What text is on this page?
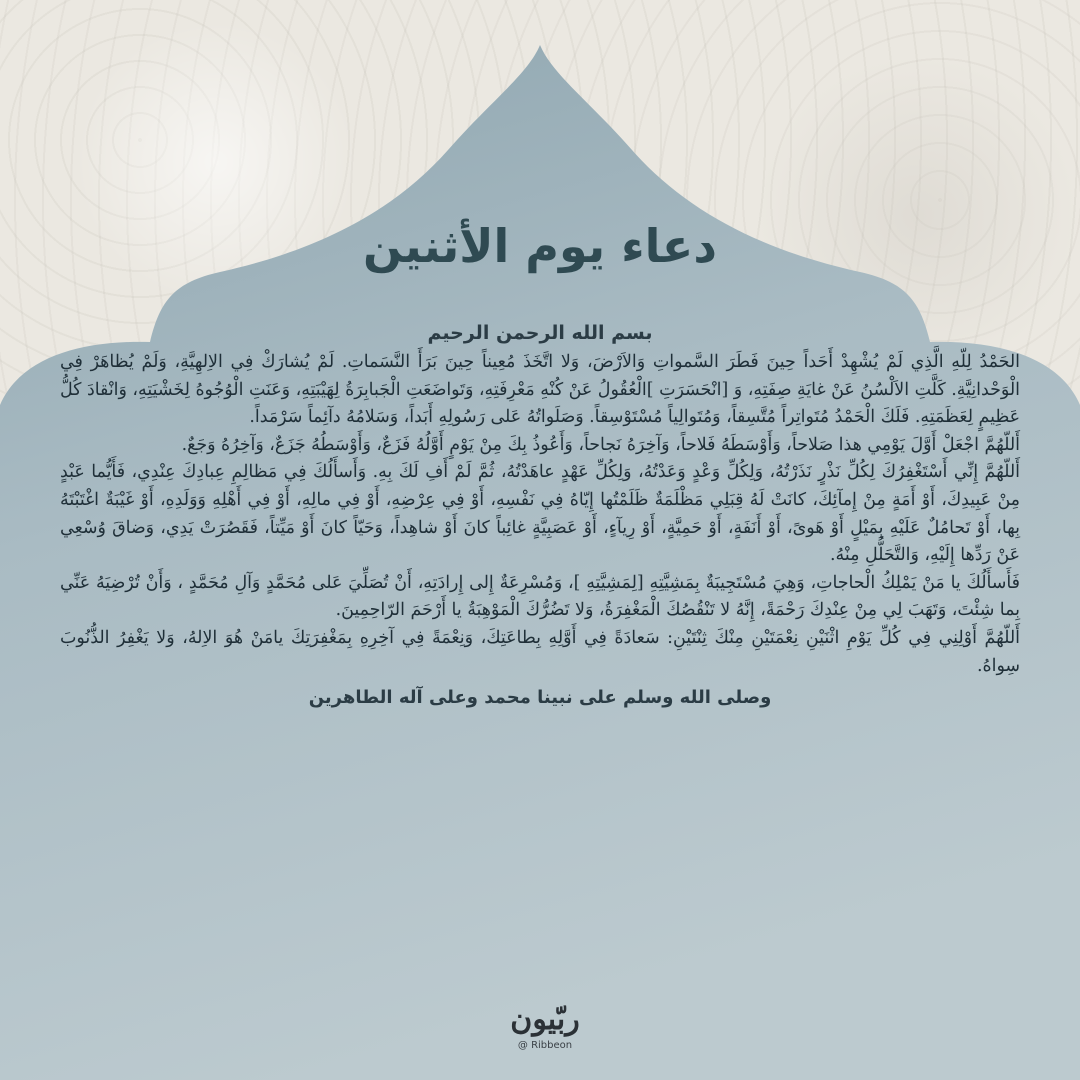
دعاء يوم الأثنين
بسم الله الرحمن الرحيم

الحَمْدُ لِلّهِ الَّذِي لَمْ يُشْهِدْ أَحَداً حِينَ فَطَرَ السَّمواتِ وَالاَرْضَ، وَلا اتَّخَذَ مُعِيناً حِينَ بَرَأَ النَّسَماتِ. لَمْ يُشارَكْ فِي الاِلهِيَّةِ، وَلَمْ يُظاهَرْ فِي الْوَحْدانِيَّةِ. كَلَّتِ الاَلْسُنُ عَنْ غايَةِ صِفَتِهِ، وَ [انْحَسَرَتِ ]الْعُقُولُ عَنْ كُنْهِ مَعْرِفَتِهِ، وَتَواضَعَتِ الْجَبابِرَةُ لِهَيْبَتِهِ، وَعَنَتِ الْوُجُوهُ لِخَشْيَتِهِ، وَانْقادَ كُلُّ عَظِيمٍ لِعَظَمَتِهِ. فَلَكَ الْحَمْدُ مُتَواتِراً مُتَّسِقاً، وَمُتَوالِياً مُسْتَوْسِقاً. وَصَلَواتُهُ عَلى رَسُولِهِ أَبَداً، وَسَلامُهُ دآئِماً سَرْمَداً.

أَللّهُمَّ اجْعَلْ أَوَّلَ يَوْمِي هذا صَلاحاً، وَأَوْسَطَهُ فَلاحاً، وَآخِرَهُ نَجاحاً، وَأَعُوذُ بِكَ مِنْ يَوْمٍ أَوَّلُهُ فَزَعٌ، وَأَوْسَطُهُ جَزَعٌ، وَآخِرُهُ وَجَعٌ.

أَللّهُمَّ إِنِّي أَسْتَغْفِرُكَ لِكُلِّ نَذْرٍ نَذَرْتُهُ، وَلِكُلِّ وَعْدٍ وَعَدْتُهُ، وَلِكُلِّ عَهْدٍ عاهَدْتُهُ، ثُمَّ لَمْ أَفِ لَكَ بِهِ. وَأَسأَلُكَ فِي مَظالِمِ عِبادِكَ عِنْدِي، فَأَيُّما عَبْدٍ مِنْ عَبِيدِكَ، أَوْ أَمَةٍ مِنْ إِمآئِكَ، كانَتْ لَهُ قِبَلِي مَظْلَمَةٌ ظَلَمْتُها إِيّاهُ فِي نَفْسِهِ، أَوْ فِي عِرْضِهِ، أَوْ فِي مالِهِ، أَوْ فِي أَهْلِهِ وَوَلَدِهِ، أَوْ غَيْبَةٌ اغْتَبْتَهُ بِها، أَوْ تَحامُلٌ عَلَيْهِ بِمَيْلٍ أَوْ هَوىً، أَوْ أَنَفَةٍ، أَوْ حَمِيَّةٍ، أَوْ رِيآءٍ، أَوْ عَصَبِيَّةٍ غائِباً كانَ أَوْ شاهِداً، وَحَيّاً كانَ أَوْ مَيِّتاً، فَقَصُرَتْ يَدِي، وَضاقَ وُسْعِي عَنْ رَدِّها إِلَيْهِ، وَالتَّحَلُّلِ مِنْهُ.

فَأَسأَلُكَ يا مَنْ يَمْلِكُ الْحاجاتِ، وَهِيَ مُسْتَجِيبَةٌ بِمَشِيَّتِهِ [لِمَشِيَّتِهِ ]، وَمُسْرِعَةٌ إِلى إِرادَتِهِ، أَنْ تُصَلِّيَ عَلى مُحَمَّدٍ وَآلِ مُحَمَّدٍ ، وَأَنْ تُرْضِيَهُ عَنِّي بِما شِئْتَ، وَتَهَبَ لِي مِنْ عِنْدِكَ رَحْمَةً، إِنَّهُ لا تَنْقُصُكَ الْمَغْفِرَةُ، وَلا تَضُرُّكَ الْمَوْهِبَةُ يا أَرْحَمَ الرّاحِمِينَ.

أَللّهُمَّ أَوْلِنِي فِي كُلِّ يَوْمِ اثْنَيْنِ نِعْمَتَيْنِ مِنْكَ ثِنْتَيْنِ: سَعادَةً فِي أَوَّلِهِ بِطاعَتِكَ، وَنِعْمَةً فِي آخِرِهِ بِمَغْفِرَتِكَ يامَنْ هُوَ الاِلهُ، وَلا يَغْفِرُ الذُّنُوبَ سِواهُ.

وصلى الله وسلم على نبينا محمد وعلى آله الطاهرين
ربّيون
@ Ribbeon
